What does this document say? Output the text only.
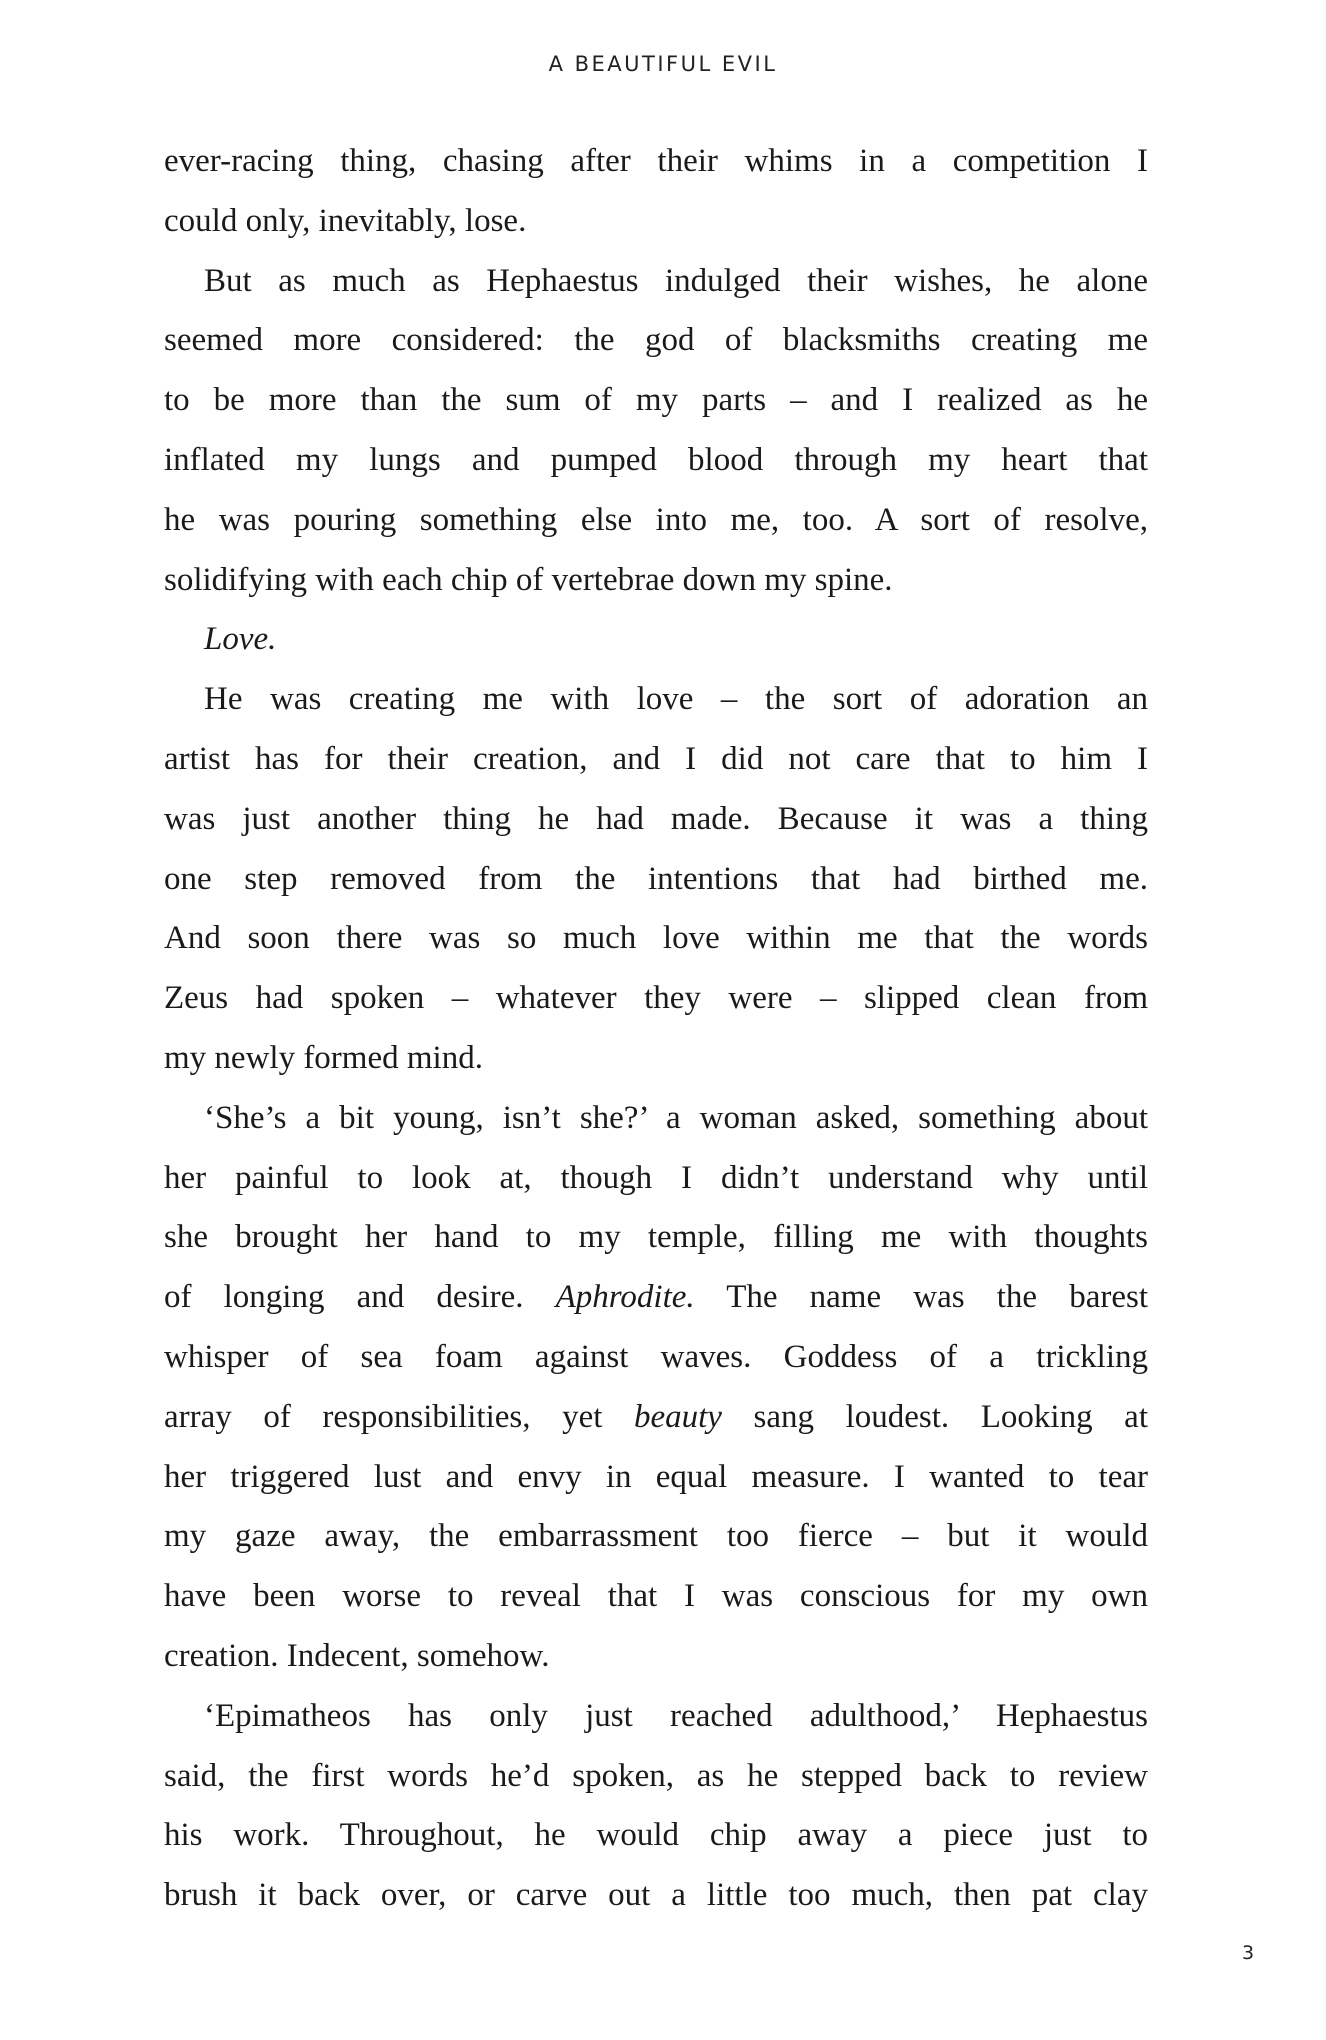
A BEAUTIFUL EVIL
ever-racing thing, chasing after their whims in a competition I
could only, inevitably, lose.
But as much as Hephaestus indulged their wishes, he alone
seemed more considered: the god of blacksmiths creating me
to be more than the sum of my parts – and I realized as he
inflated my lungs and pumped blood through my heart that
he was pouring something else into me, too. A sort of resolve,
solidifying with each chip of vertebrae down my spine.
Love.
He was creating me with love – the sort of adoration an
artist has for their creation, and I did not care that to him I
was just another thing he had made. Because it was a thing
one step removed from the intentions that had birthed me.
And soon there was so much love within me that the words
Zeus had spoken – whatever they were – slipped clean from
my newly formed mind.
‘She’s a bit young, isn’t she?’ a woman asked, something about
her painful to look at, though I didn’t understand why until
she brought her hand to my temple, filling me with thoughts
of longing and desire. Aphrodite. The name was the barest
whisper of sea foam against waves. Goddess of a trickling
array of responsibilities, yet beauty sang loudest. Looking at
her triggered lust and envy in equal measure. I wanted to tear
my gaze away, the embarrassment too fierce – but it would
have been worse to reveal that I was conscious for my own
creation. Indecent, somehow.
‘Epimatheos has only just reached adulthood,’ Hephaestus
said, the first words he’d spoken, as he stepped back to review
his work. Throughout, he would chip away a piece just to
brush it back over, or carve out a little too much, then pat clay
3
